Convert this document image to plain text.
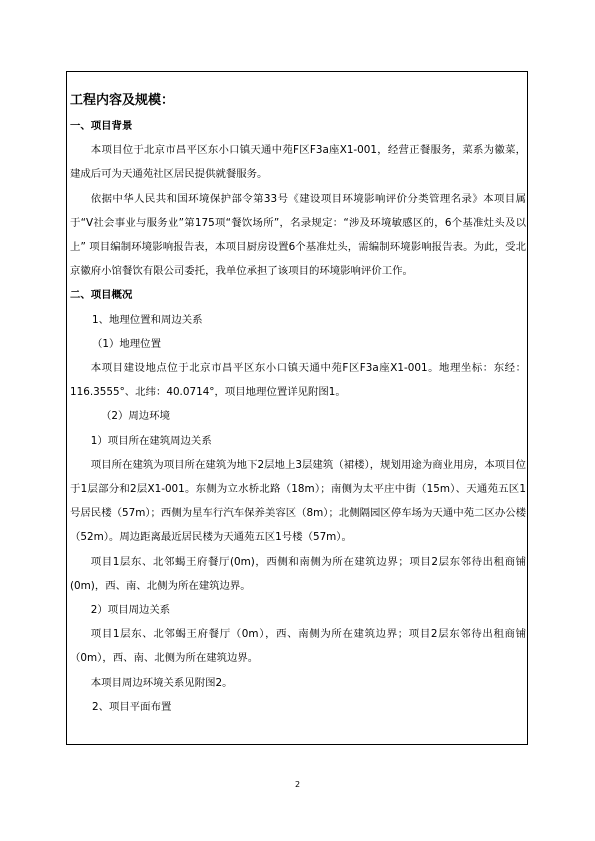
工程内容及规模：

一、项目背景

本项目位于北京市昌平区东小口镇天通中苑F区F3a座X1-001，经营正餐服务，菜系为徽菜，建成后可为天通苑社区居民提供就餐服务。

依据中华人民共和国环境保护部令第33号《建设项目环境影响评价分类管理名录》本项目属于“V社会事业与服务业”第175项“餐饮场所”，名录规定：“涉及环境敏感区的，6个基准灶头及以上” 项目编制环境影响报告表，本项目厨房设置6个基准灶头，需编制环境影响报告表。为此，受北京徽府小馆餐饮有限公司委托，我单位承担了该项目的环境影响评价工作。

二、项目概况

1、地理位置和周边关系

（1）地理位置

本项目建设地点位于北京市昌平区东小口镇天通中苑F区F3a座X1-001。地理坐标：东经：116.3555°、北纬：40.0714°，项目地理位置详见附图1。

（2）周边环境

1）项目所在建筑周边关系

项目所在建筑为项目所在建筑为地下2层地上3层建筑（裙楼），规划用途为商业用房，本项目位于1层部分和2层X1-001。东侧为立水桥北路（18m）；南侧为太平庄中街（15m）、天通苑五区1号居民楼（57m）；西侧为星车行汽车保养美容区（8m）；北侧隔园区停车场为天通中苑二区办公楼（52m）。周边距离最近居民楼为天通苑五区1号楼（57m）。

项目1层东、北邻蝎王府餐厅(0m)，西侧和南侧为所在建筑边界；项目2层东邻待出租商铺(0m)，西、南、北侧为所在建筑边界。

2）项目周边关系

项目1层东、北邻蝎王府餐厅（0m），西、南侧为所在建筑边界；项目2层东邻待出租商铺（0m），西、南、北侧为所在建筑边界。

本项目周边环境关系见附图2。

2、项目平面布置

2
